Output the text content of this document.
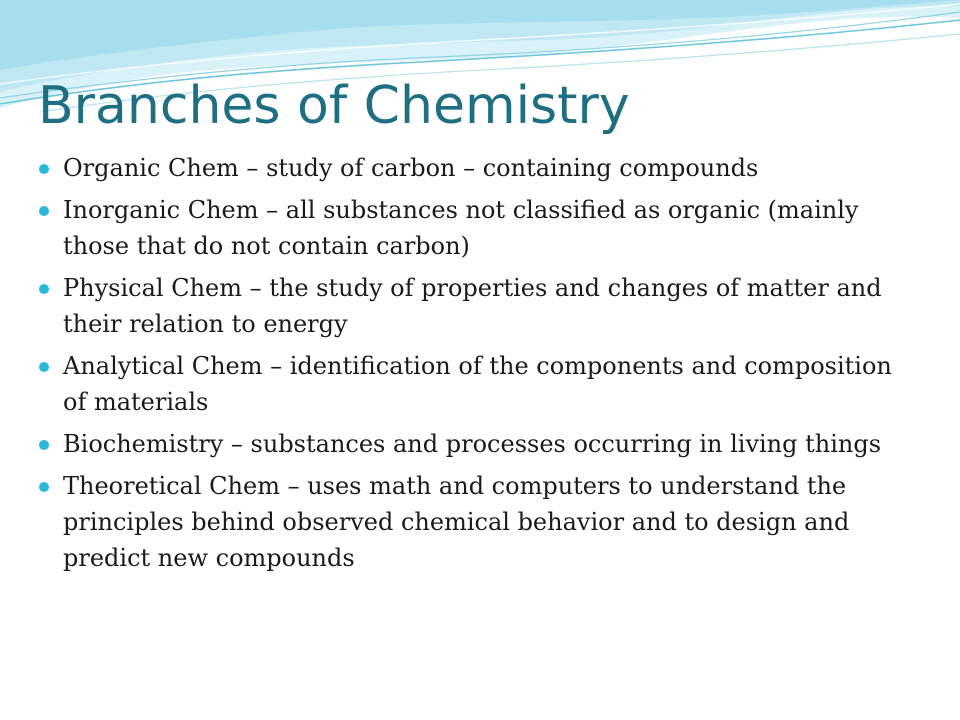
Branches of Chemistry
Organic Chem – study of carbon – containing compounds
Inorganic Chem – all substances not classified as organic (mainly those that do not contain carbon)
Physical Chem – the study of properties and changes of matter and their relation to energy
Analytical Chem – identification of the components and composition of materials
Biochemistry – substances and processes occurring in living things
Theoretical Chem – uses math and computers to understand the principles behind observed chemical behavior and to design and predict new compounds
